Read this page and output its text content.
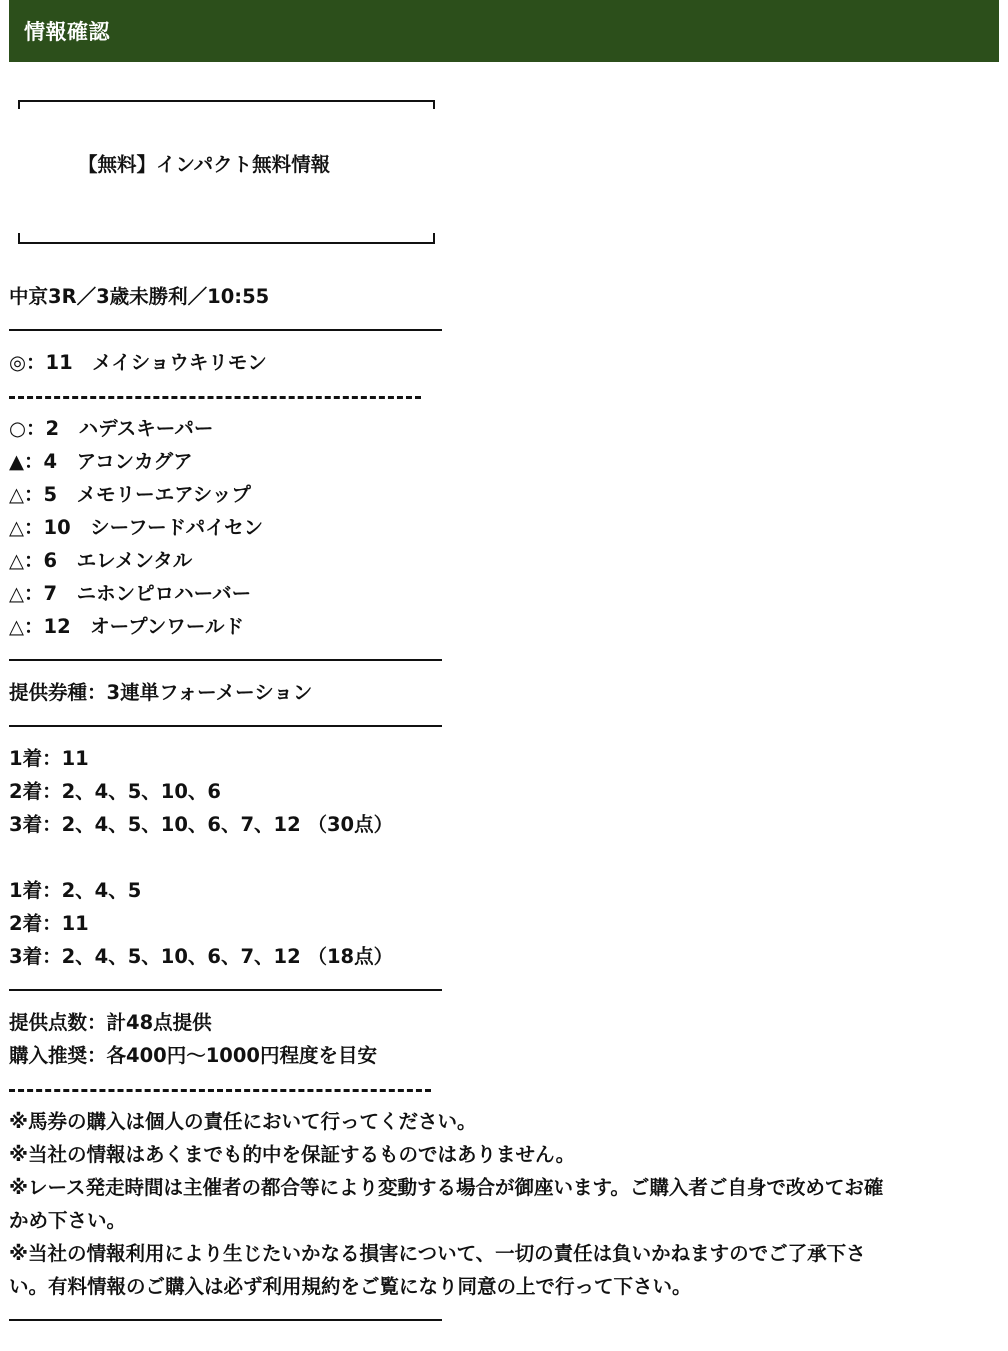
情報確認
【無料】インパクト無料情報
中京3R／3歳未勝利／10:55
◎：11　メイショウキリモン
○：2　ハデスキーパー
▲：4　アコンカグア
△：5　メモリーエアシップ
△：10　シーフードパイセン
△：6　エレメンタル
△：7　ニホンピロハーバー
△：12　オープンワールド
提供券種：3連単フォーメーション
1着：11
2着：2、4、5、10、6
3着：2、4、5、10、6、7、12 （30点）
1着：2、4、5
2着：11
3着：2、4、5、10、6、7、12 （18点）
提供点数：計48点提供
購入推奨：各400円～1000円程度を目安
※馬券の購入は個人の責任において行ってください。
※当社の情報はあくまでも的中を保証するものではありません。
※レース発走時間は主催者の都合等により変動する場合が御座います。ご購入者ご自身で改めてお確
かめ下さい。
※当社の情報利用により生じたいかなる損害について、一切の責任は負いかねますのでご了承下さ
い。有料情報のご購入は必ず利用規約をご覧になり同意の上で行って下さい。
